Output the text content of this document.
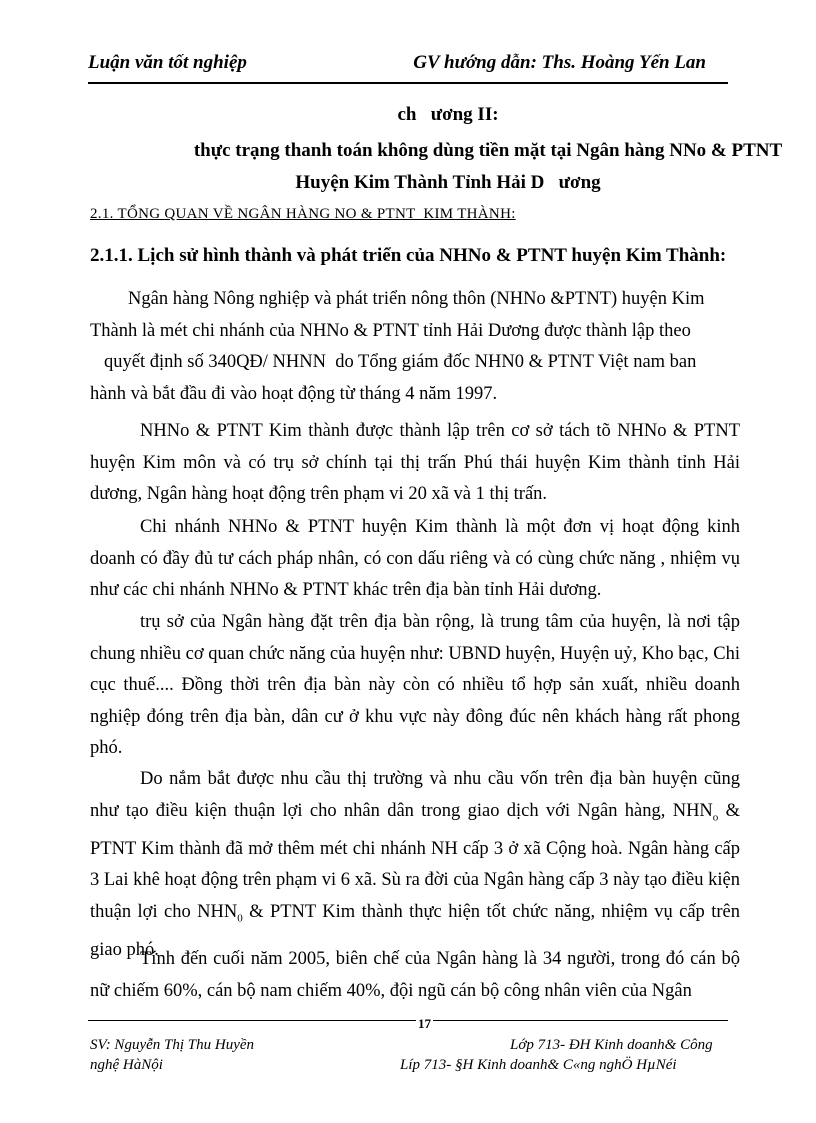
Luận văn tốt nghiệp	GV hướng dẫn: Ths. Hoàng Yến Lan
ch   ương II:
thực trạng thanh toán không dùng tiền mặt tại Ngân hàng NNo & PTNT
Huyện Kim Thành Tỉnh Hải D   ương
2.1. TỔNG QUAN VỀ NGÂN HÀNG NO & PTNT  KIM THÀNH:
2.1.1. Lịch sử hình thành và phát triển của NHNo & PTNT huyện Kim Thành:
Ngân hàng Nông nghiệp và phát triển nông thôn (NHNo &PTNT) huyện Kim
Thành là mét chi nhánh của NHNo & PTNT tỉnh Hải Dương được thành lập theo
quyết định số 340QĐ/ NHNN  do Tổng giám đốc NHN0 & PTNT Việt nam ban
hành và bắt đầu đi vào hoạt động từ tháng 4 năm 1997.
NHNo & PTNT Kim thành được thành lập trên cơ sở tách tõ NHNo & PTNT huyện Kim môn và có trụ sở chính tại thị trấn Phú thái huyện Kim thành tỉnh Hải dương, Ngân hàng hoạt động trên phạm vi 20 xã và 1 thị trấn.
Chi nhánh NHNo & PTNT huyện Kim thành là một đơn vị hoạt động kinh doanh có đầy đủ tư cách pháp nhân, có con dấu riêng và có cùng chức năng , nhiệm vụ như các chi nhánh NHNo & PTNT khác trên địa bàn tỉnh Hải dương.
trụ sở của Ngân hàng đặt trên địa bàn rộng, là trung tâm của huyện, là nơi tập chung nhiều cơ quan chức năng của huyện như: UBND huyện, Huyện uỷ, Kho bạc, Chi cục thuế.... Đồng thời trên địa bàn này còn có nhiều tổ hợp sản xuất, nhiều doanh nghiệp đóng trên địa bàn, dân cư ở khu vực này đông đúc nên khách hàng rất phong phó.
Do nắm bắt được nhu cầu thị trường và nhu cầu vốn trên địa bàn huyện cũng như tạo điều kiện thuận lợi cho nhân dân trong giao dịch với Ngân hàng, $NHN_o$ & PTNT Kim thành đã mở thêm mét chi nhánh NH cấp 3 ở xã Cộng hoà. Ngân hàng cấp 3 Lai khê hoạt động trên phạm vi 6 xã. Sù ra đời của Ngân hàng cấp 3 này tạo điều kiện thuận lợi cho $NHN_0$ & PTNT Kim thành thực hiện tốt chức năng, nhiệm vụ cấp trên giao phó.
Tính đến cuối năm 2005, biên chế của Ngân hàng là 34 người, trong đó cán bộ nữ chiếm 60%, cán bộ nam chiếm 40%, đội ngũ cán bộ công nhân viên của Ngân
17
SV: Nguyễn Thị Thu Huyền	Lớp 713- ĐH Kinh doanh& Công
nghệ HàNội	Líp 713- §H Kinh doanh& C«ng nghÖ HµNéi
